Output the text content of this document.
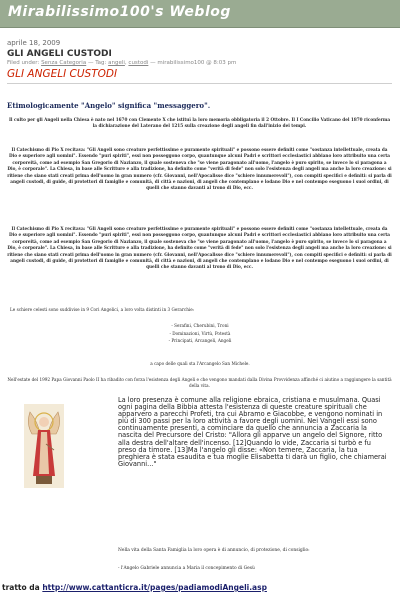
Mirabilissimo100's Weblog
aprile 18, 2009
GLI ANGELI CUSTODI
Filed under: Senza Categoria — Tag: angeli, custodi — mirabilissimo100 @ 8:03 pm
GLI ANGELI CUSTODI
Etimologicamente "Angelo" significa "messaggero".
Il culto per gli Angeli nella Chiesa è nato nel 1670 con Clemente X che istituì la loro memoria obbligatoria il 2 Ottobre. Il I Concilio Vaticano del 1870 riconferma la dichiarazione del Laterano del 1215 sulla creazione degli angeli fin dall'inizio dei tempi.
Il Catechismo di Pio X recitava: "Gli Angeli sono creature perfettissime e puramente spirituali" e possono essere definiti come "sostanza intellettuale, creata da Dio e superiore agli uomini". Essendo "puri spiriti", essi non posseggono corpo, quantunque alcuni Padri e scrittori ecclesiastici abbiano loro attribuito una certa corporeità, come ad esempio San Gregorio di Nazianzo, il quale sosteneva che "se viene paragonato all'uomo, l'angelo è puro spirito, se invece lo si paragona a Dio, è corporale". La Chiesa, in base alle Scritture e alla tradizione, ha definito come "verità di fede" non solo l'esistenza degli angeli ma anche la loro creazione: si ritiene che siano stati creati prima dell'uomo in gran numero (cfr. Giovanni, nell'Apocalisse dice "schiere innumerevoli"), con compiti specifici e definiti: si parla di angeli custodi, di guide, di protettori di famiglie e comunità, di città e nazioni, di angeli che contemplano e lodano Dio e nel contempo eseguono i suoi ordini, di quelli che stanno davanti al trono di Dio, ecc.
Il Catechismo di Pio X recitava: "Gli Angeli sono creature perfettissime e puramente spirituali" e possono essere definiti come "sostanza intellettuale, creata da Dio e superiore agli uomini". Essendo "puri spiriti", essi non posseggono corpo, quantunque alcuni Padri e scrittori ecclesiastici abbiano loro attribuito una certa corporeità, come ad esempio San Gregorio di Nazianzo, il quale sosteneva che "se viene paragonato all'uomo, l'angelo è puro spirito, se invece lo si paragona a Dio, è corporale". La Chiesa, in base alle Scritture e alla tradizione, ha definito come "verità di fede" non solo l'esistenza degli angeli ma anche la loro creazione: si ritiene che siano stati creati prima dell'uomo in gran numero (cfr. Giovanni, nell'Apocalisse dice "schiere innumerevoli"), con compiti specifici e definiti: si parla di angeli custodi, di guide, di protettori di famiglie e comunità, di città e nazioni, di angeli che contemplano e lodano Dio e nel contempo eseguono i suoi ordini, di quelli che stanno davanti al trono di Dio, ecc.
Le schiere celesti sono suddivise in 9 Cori Angelici, a loro volta distinti in 3 Gerarchie:
- Serafini, Cherubini, Troni
- Dominazioni, Virtù, Potestà
- Principati, Arcangeli, Angeli
a capo delle quali sta l'Arcangelo San Michele.
Nell'estate del 1992 Papa Giovanni Paolo II ha ribadito con forza l'esistenza degli Angeli e che vengono mandati dalla Divina Provvidenza affinché ci aiutino a raggiungere la santità della vita.
La loro presenza è comune alla religione ebraica, cristiana e musulmana. Quasi ogni pagina della Bibbia attesta l'esistenza di queste creature spirituali che apparvero a parecchi Profeti, tra cui Abramo e Giacobbe, e vengono nominati in più di 300 passi per la loro attività a favore degli uomini. Nei Vangeli essi sono continuamente presenti, a cominciare da quello che annuncia a Zaccaria la nascita del Precursore del Cristo: "Allora gli apparve un angelo del Signore, ritto alla destra dell'altare dell'incenso. [12]Quando lo vide, Zaccaria si turbò e fu preso da timore. [13]Ma l'angelo gli disse: «Non temere, Zaccaria, la tua preghiera è stata esaudita e tua moglie Elisabetta ti darà un figlio, che chiamerai Giovanni..."
Nella vita della Santa Famiglia la loro opera è di annuncio, di protezione, di consiglio:
- l'Angelo Gabriele annuncia a Maria il concepimento di Gesù
tratto da http://www.cattanticra.it/pages/padiamodiAngeli.asp
